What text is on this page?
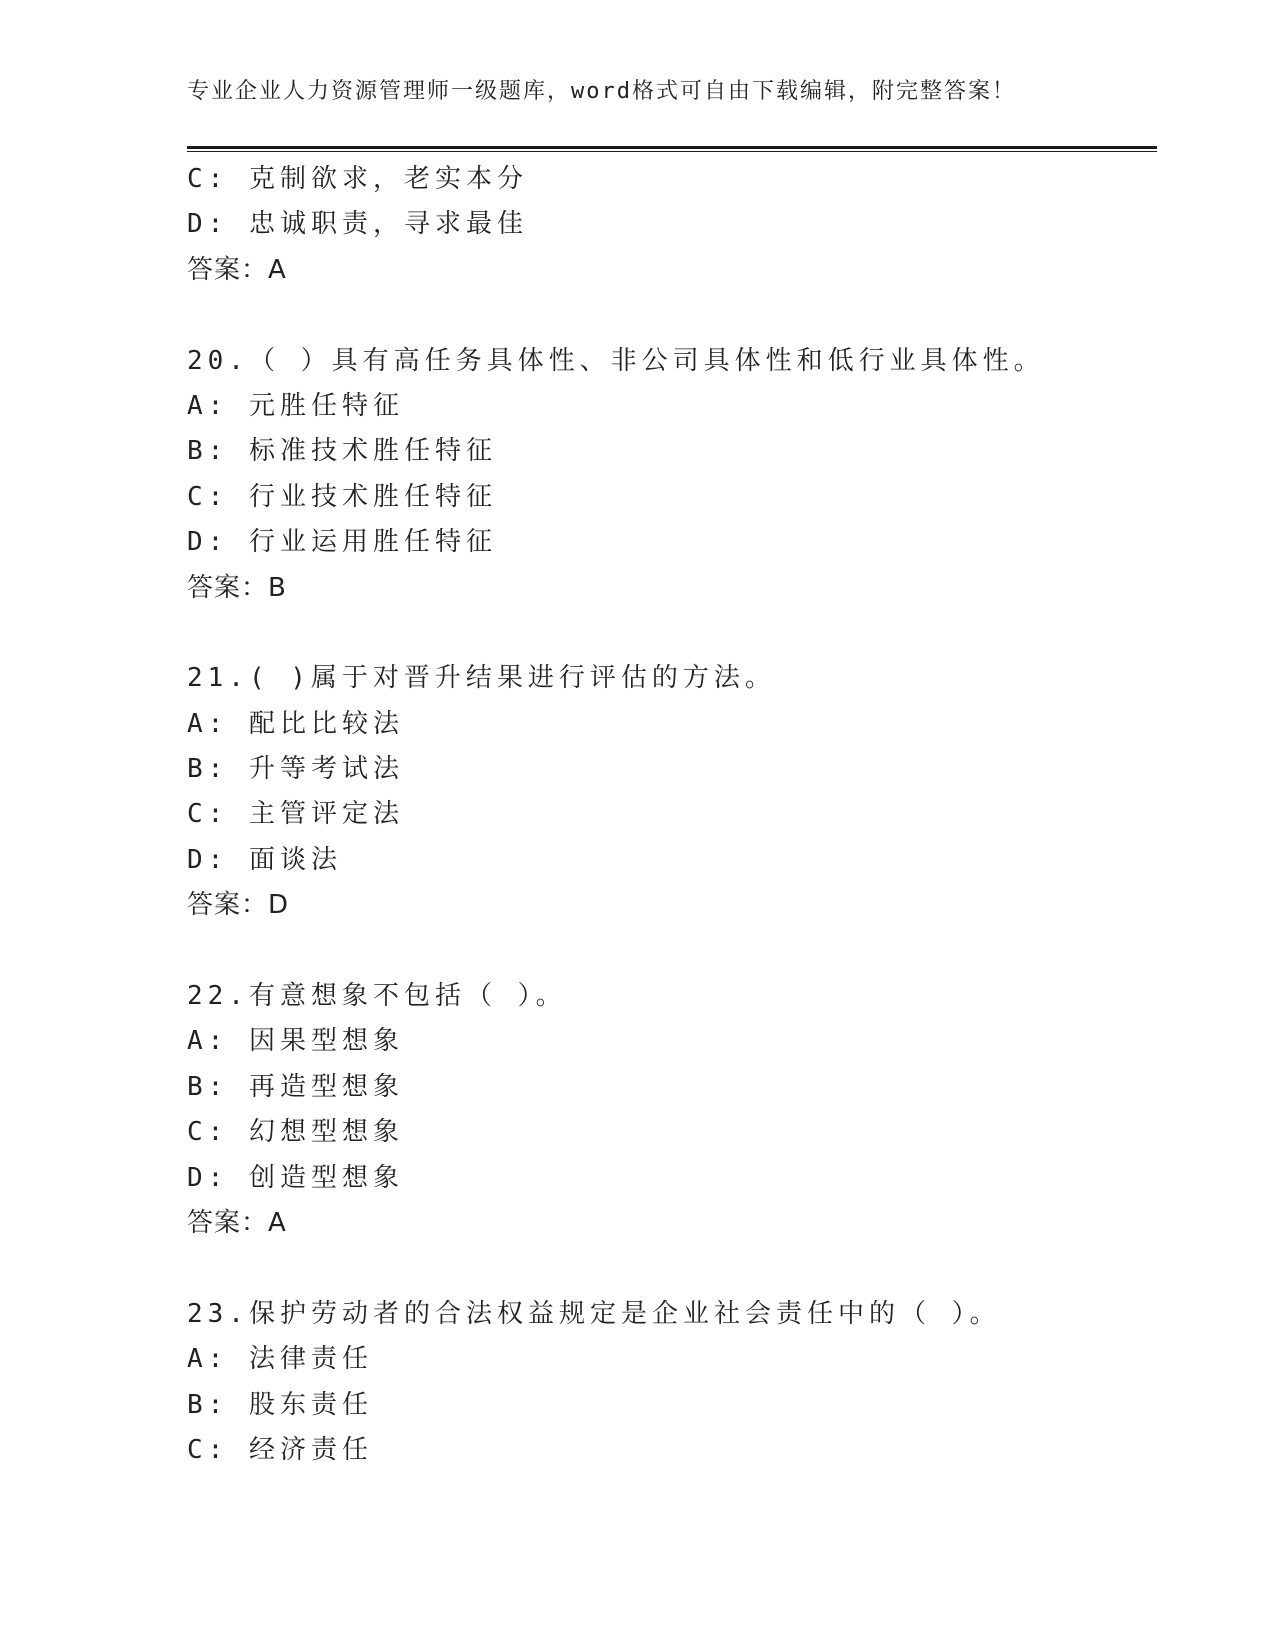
专业企业人力资源管理师一级题库，word格式可自由下载编辑，附完整答案！
C: 克制欲求，老实本分
D: 忠诚职责，寻求最佳
答案：A
20.（ ）具有高任务具体性、非公司具体性和低行业具体性。
A: 元胜任特征
B: 标准技术胜任特征
C: 行业技术胜任特征
D: 行业运用胜任特征
答案：B
21.( )属于对晋升结果进行评估的方法。
A: 配比比较法
B: 升等考试法
C: 主管评定法
D: 面谈法
答案：D
22.有意想象不包括（ ）。
A: 因果型想象
B: 再造型想象
C: 幻想型想象
D: 创造型想象
答案：A
23.保护劳动者的合法权益规定是企业社会责任中的（ ）。
A: 法律责任
B: 股东责任
C: 经济责任
